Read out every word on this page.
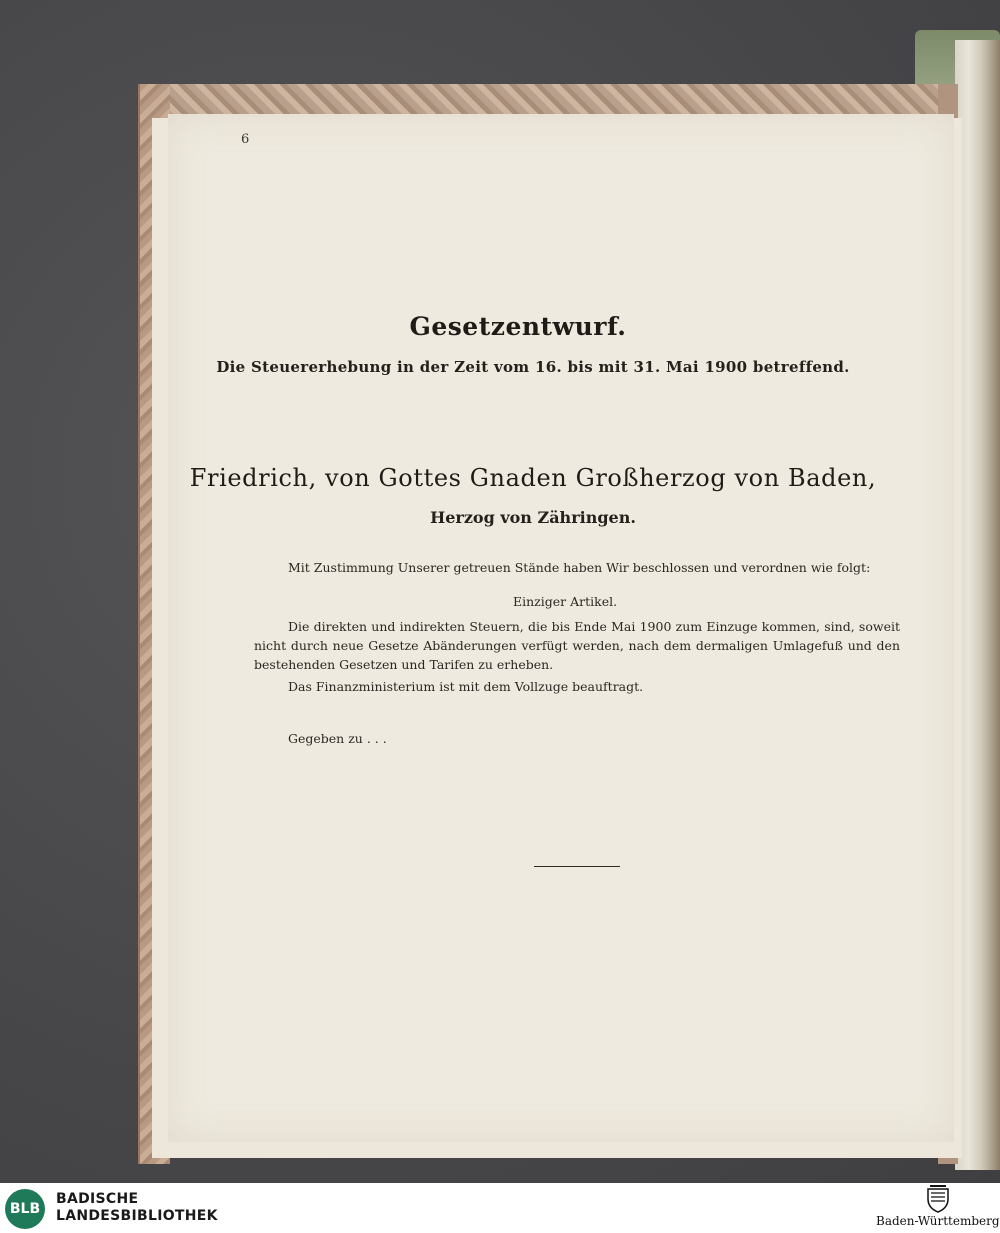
6
Gesetzentwurf.
Die Steuererhebung in der Zeit vom 16. bis mit 31. Mai 1900 betreffend.
Friedrich, von Gottes Gnaden Großherzog von Baden,
Herzog von Zähringen.
Mit Zustimmung Unserer getreuen Stände haben Wir beschlossen und verordnen wie folgt:
Einziger Artikel.
Die direkten und indirekten Steuern, die bis Ende Mai 1900 zum Einzuge kommen, sind, soweit nicht durch neue Gesetze Abänderungen verfügt werden, nach dem dermaligen Umlagefuß und den bestehenden Gesetzen und Tarifen zu erheben.
Das Finanzministerium ist mit dem Vollzuge beauftragt.
Gegeben zu . . .
BLB
BADISCHE
LANDESBIBLIOTHEK	Baden-Württemberg
